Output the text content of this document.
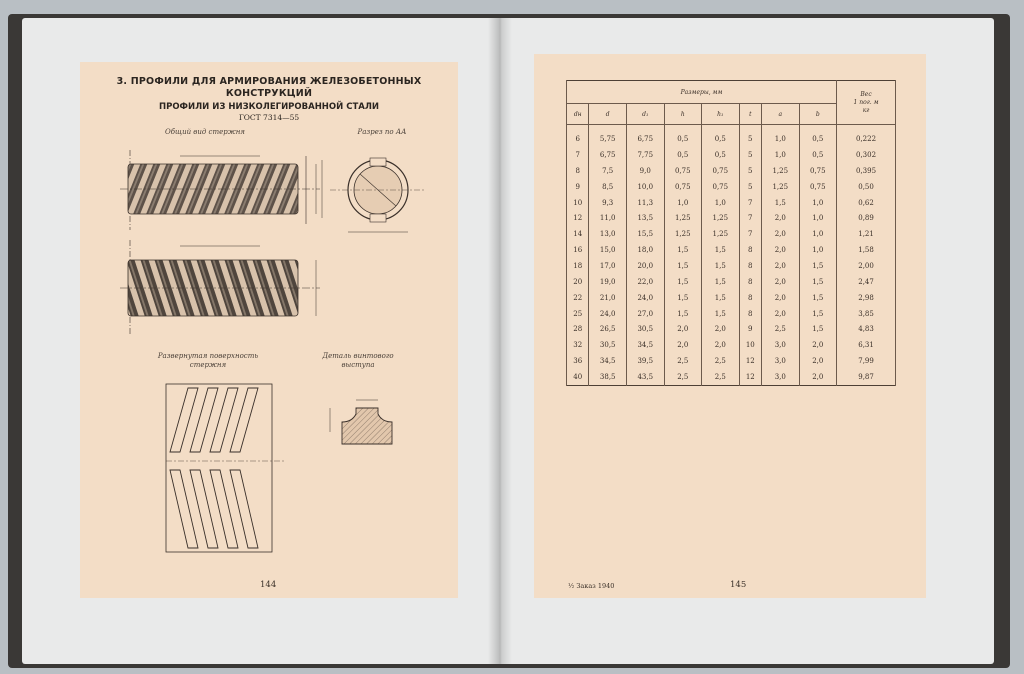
3. ПРОФИЛИ ДЛЯ АРМИРОВАНИЯ ЖЕЛЕЗОБЕТОННЫХ
КОНСТРУКЦИЙ
ПРОФИЛИ ИЗ НИЗКОЛЕГИРОВАННОЙ СТАЛИ
ГОСТ 7314—55
Общий вид стержня	Разрез по АА
Развернутая поверхность
стержня
Деталь винтового
выступа
144	½ Заказ 1940	145
Размеры, мм								Вес
1 пог. м
кг
dн	d	d₁	h	h₁	t	a	b	
6	5,75	6,75	0,5	0,5	5	1,0	0,5	0,222
7	6,75	7,75	0,5	0,5	5	1,0	0,5	0,302
8	7,5	9,0	0,75	0,75	5	1,25	0,75	0,395
9	8,5	10,0	0,75	0,75	5	1,25	0,75	0,50
10	9,3	11,3	1,0	1,0	7	1,5	1,0	0,62
12	11,0	13,5	1,25	1,25	7	2,0	1,0	0,89
14	13,0	15,5	1,25	1,25	7	2,0	1,0	1,21
16	15,0	18,0	1,5	1,5	8	2,0	1,0	1,58
18	17,0	20,0	1,5	1,5	8	2,0	1,5	2,00
20	19,0	22,0	1,5	1,5	8	2,0	1,5	2,47
22	21,0	24,0	1,5	1,5	8	2,0	1,5	2,98
25	24,0	27,0	1,5	1,5	8	2,0	1,5	3,85
28	26,5	30,5	2,0	2,0	9	2,5	1,5	4,83
32	30,5	34,5	2,0	2,0	10	3,0	2,0	6,31
36	34,5	39,5	2,5	2,5	12	3,0	2,0	7,99
40	38,5	43,5	2,5	2,5	12	3,0	2,0	9,87
